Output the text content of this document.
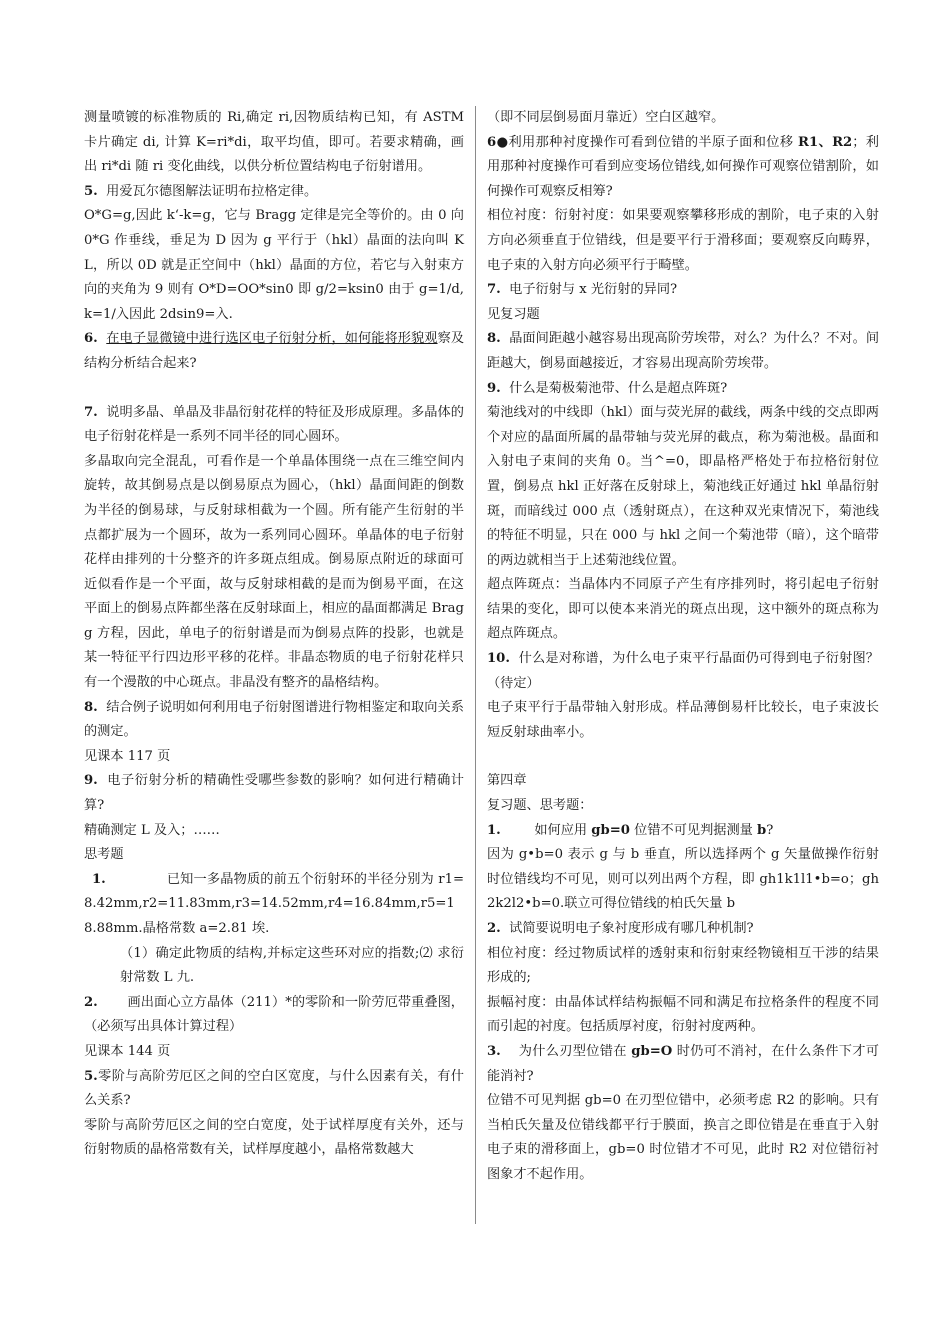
测量喷镀的标准物质的 Ri,确定 ri,因物质结构已知，有 ASTM 卡片确定 di, 计算 K=ri*di，取平均值，即可。若要求精确，画出 ri*di 随 ri 变化曲线，以供分析位置结构电子衍射谱用。

5. 用爱瓦尔德图解法证明布拉格定律。

O*G=g,因此 k‘-k=g，它与 Bragg 定律是完全等价的。由 0 向 0*G 作垂线，垂足为 D 因为 g 平行于（hkl）晶面的法向叫 KL，所以 0D 就是正空间中（hkl）晶面的方位，若它与入射束方向的夹角为 9 则有 O*D=OO*sin0 即 g/2=ksin0 由于 g=1/d, k=1/入因此 2dsin9=入.

6. 在电子显微镜中进行选区电子衍射分析，如何能将形貌观察及结构分析结合起来?

7. 说明多晶、单晶及非晶衍射花样的特征及形成原理。多晶体的电子衍射花样是一系列不同半径的同心圆环。

多晶取向完全混乱，可看作是一个单晶体围绕一点在三维空间内旋转，故其倒易点是以倒易原点为圆心，（hkl）晶面间距的倒数为半径的倒易球，与反射球相截为一个圆。所有能产生衍射的半点都扩展为一个圆环，故为一系列同心圆环。单晶体的电子衍射花样由排列的十分整齐的许多斑点组成。倒易原点附近的球面可近似看作是一个平面，故与反射球相截的是而为倒易平面，在这平面上的倒易点阵都坐落在反射球面上，相应的晶面都满足 Bragg 方程，因此，单电子的衍射谱是而为倒易点阵的投影，也就是某一特征平行四边形平移的花样。非晶态物质的电子衍射花样只有一个漫散的中心斑点。非晶没有整齐的晶格结构。

8. 结合例子说明如何利用电子衍射图谱进行物相鉴定和取向关系的测定。

见课本 117 页

9. 电子衍射分析的精确性受哪些参数的影响？如何进行精确计算?

精确测定 L 及入；……

思考题

1.	已知一多晶物质的前五个衍射环的半径分别为 r1=8.42mm,r2=11.83mm,r3=14.52mm,r4=16.84mm,r5=18.88mm.晶格常数 a=2.81 埃.

（1）确定此物质的结构,并标定这些环对应的指数;⑵ 求衍射常数 L 九.

2. 画出面心立方晶体（211）*的零阶和一阶劳厄带重叠图，（必须写出具体计算过程）

见课本 144 页

5.零阶与高阶劳厄区之间的空白区宽度，与什么因素有关，有什么关系?

零阶与高阶劳厄区之间的空白宽度，处于试样厚度有关外，还与衍射物质的晶格常数有关，试样厚度越小，晶格常数越大

（即不同层倒易面月靠近）空白区越窄。

6●利用那种衬度操作可看到位错的半原子面和位移 R1、R2；利用那种衬度操作可看到应变场位错线,如何操作可观察位错割阶，如何操作可观察反相筹?

相位衬度：衍射衬度：如果要观察攀移形成的割阶，电子束的入射方向必须垂直于位错线，但是要平行于滑移面；要观察反向畴界，电子束的入射方向必须平行于畸壁。

7. 电子衍射与 x 光衍射的异同?

见复习题

8. 晶面间距越小越容易出现高阶劳埃带，对么？为什么？不对。间距越大，倒易面越接近，才容易出现高阶劳埃带。

9. 什么是菊极菊池带、什么是超点阵斑?

菊池线对的中线即（hkl）面与荧光屏的截线，两条中线的交点即两个对应的晶面所属的晶带轴与荧光屏的截点，称为菊池极。晶面和入射电子束间的夹角 0。当^=0，即晶格严格处于布拉格衍射位置，倒易点 hkl 正好落在反射球上，菊池线正好通过 hkl 单晶衍射斑，而暗线过 000 点（透射斑点），在这种双光束情况下，菊池线的特征不明显，只在 000 与 hkl 之间一个菊池带（暗），这个暗带的两边就相当于上述菊池线位置。

超点阵斑点：当晶体内不同原子产生有序排列时，将引起电子衍射结果的变化，即可以使本来消光的斑点出现，这中额外的斑点称为超点阵斑点。

10. 什么是对称谱，为什么电子束平行晶面仍可得到电子衍射图？（待定）

电子束平行于晶带轴入射形成。样品薄倒易杆比较长，电子束波长短反射球曲率小。

第四章

复习题、思考题：

1.	如何应用 gb=0 位错不可见判据测量 b?

因为 g•b=0 表示 g 与 b 垂直，所以选择两个 g 矢量做操作衍射时位错线均不可见，则可以列出两个方程，即 gh1k1l1•b=o；gh2k2l2•b=0.联立可得位错线的柏氏矢量 b

2. 试简要说明电子象衬度形成有哪几种机制?

相位衬度：经过物质试样的透射束和衍射束经物镜相互干涉的结果形成的;

振幅衬度：由晶体试样结构振幅不同和满足布拉格条件的程度不同而引起的衬度。包括质厚衬度，衍射衬度两种。

3. 为什么刃型位错在 gb=O 时仍可不消衬，在什么条件下才可能消衬?

位错不可见判据 gb=0 在刃型位错中，必须考虑 R2 的影响。只有当柏氏矢量及位错线都平行于膜面，换言之即位错是在垂直于入射电子束的滑移面上，gb=0 时位错才不可见，此时 R2 对位错衍衬图象才不起作用。
